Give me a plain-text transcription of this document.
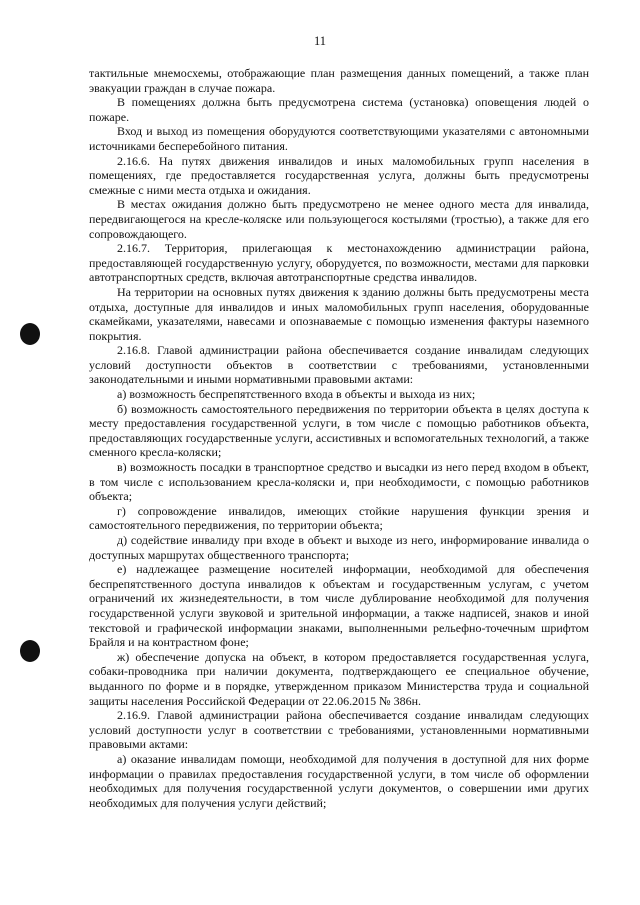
11

тактильные мнемосхемы, отображающие план размещения данных помещений, а также план эвакуации граждан в случае пожара.

В помещениях должна быть предусмотрена система (установка) оповещения людей о пожаре.

Вход и выход из помещения оборудуются соответствующими указателями с автономными источниками бесперебойного питания.

2.16.6. На путях движения инвалидов и иных маломобильных групп населения в помещениях, где предоставляется государственная услуга, должны быть предусмотрены смежные с ними места отдыха и ожидания.

В местах ожидания должно быть предусмотрено не менее одного места для инвалида, передвигающегося на кресле-коляске или пользующегося костылями (тростью), а также для его сопровождающего.

2.16.7. Территория, прилегающая к местонахождению администрации района, предоставляющей государственную услугу, оборудуется, по возможности, местами для парковки автотранспортных средств, включая автотранспортные средства инвалидов.

На территории на основных путях движения к зданию должны быть предусмотрены места отдыха, доступные для инвалидов и иных маломобильных групп населения, оборудованные скамейками, указателями, навесами и опознаваемые с помощью изменения фактуры наземного покрытия.

2.16.8. Главой администрации района обеспечивается создание инвалидам следующих условий доступности объектов в соответствии с требованиями, установленными законодательными и иными нормативными правовыми актами:

а) возможность беспрепятственного входа в объекты и выхода из них;

б) возможность самостоятельного передвижения по территории объекта в целях доступа к месту предоставления государственной услуги, в том числе с помощью работников объекта, предоставляющих государственные услуги, ассистивных и вспомогательных технологий, а также сменного кресла-коляски;

в) возможность посадки в транспортное средство и высадки из него перед входом в объект, в том числе с использованием кресла-коляски и, при необходимости, с помощью работников объекта;

г) сопровождение инвалидов, имеющих стойкие нарушения функции зрения и самостоятельного передвижения, по территории объекта;

д) содействие инвалиду при входе в объект и выходе из него, информирование инвалида о доступных маршрутах общественного транспорта;

е) надлежащее размещение носителей информации, необходимой для обеспечения беспрепятственного доступа инвалидов к объектам и государственным услугам, с учетом ограничений их жизнедеятельности, в том числе дублирование необходимой для получения государственной услуги звуковой и зрительной информации, а также надписей, знаков и иной текстовой и графической информации знаками, выполненными рельефно-точечным шрифтом Брайля и на контрастном фоне;

ж) обеспечение допуска на объект, в котором предоставляется государственная услуга, собаки-проводника при наличии документа, подтверждающего ее специальное обучение, выданного по форме и в порядке, утвержденном приказом Министерства труда и социальной защиты населения Российской Федерации от 22.06.2015 № 386н.

2.16.9. Главой администрации района обеспечивается создание инвалидам следующих условий доступности услуг в соответствии с требованиями, установленными нормативными правовыми актами:

а) оказание инвалидам помощи, необходимой для получения в доступной для них форме информации о правилах предоставления государственной услуги, в том числе об оформлении необходимых для получения государственной услуги документов, о совершении ими других необходимых для получения услуги действий;
